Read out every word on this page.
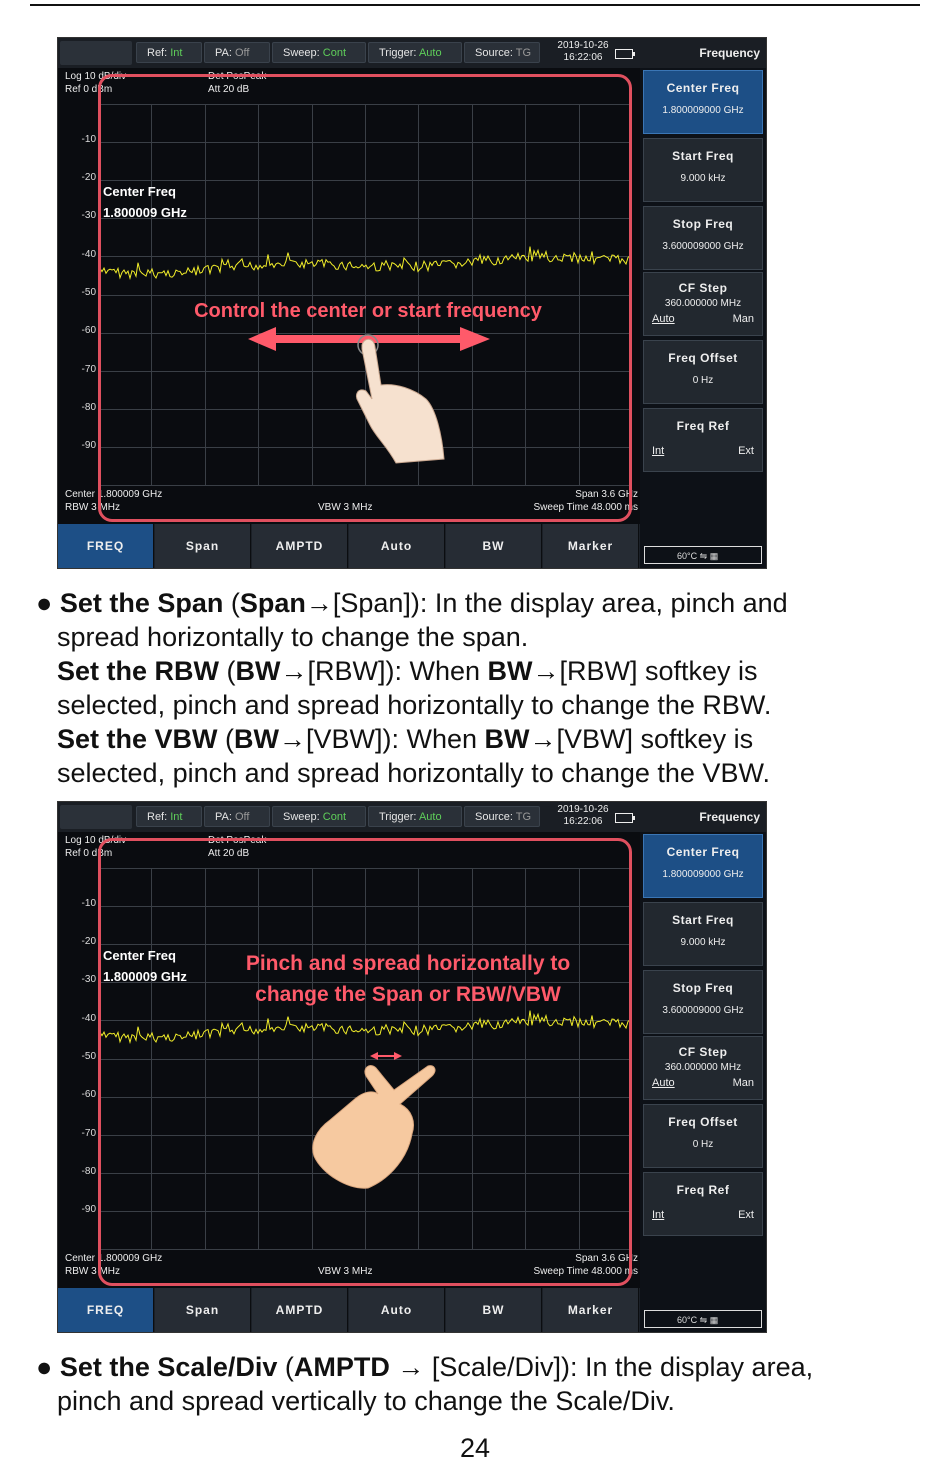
Ref: Int	PA: Off	Sweep: Cont	Trigger: Auto	Source: TG
2019-10-26
16:22:06
Log 10 dB/div
Ref 0 dBm
Det PosPeak
Att 20 dB
-10
-20
-30
-40
-50
-60
-70
-80
-90
Center 1.800009 GHz
RBW 3 MHz	VBW 3 MHz
Span 3.6 GHz
Sweep Time 48.000 ms
Frequency
Center Freq
1.800009000 GHz
Start Freq
9.000 kHz
Stop Freq
3.600009000 GHz
CF Step
360.000000 MHz
Auto	Man
Freq Offset
0 Hz
Freq Ref
Int	Ext
FREQ	Span	AMPTD	Auto	BW	Marker
60°C ⇋ ▦
Center Freq
1.800009 GHz
Control the center or start frequency
● Set the Span (Span→[Span]): In the display area, pinch and
spread horizontally to change the span.
Set the RBW (BW→[RBW]): When BW→[RBW] softkey is
selected, pinch and spread horizontally to change the RBW.
Set the VBW (BW→[VBW]): When BW→[VBW] softkey is
selected, pinch and spread horizontally to change the VBW.
Ref: Int	PA: Off	Sweep: Cont	Trigger: Auto	Source: TG
2019-10-26
16:22:06
Log 10 dB/div
Ref 0 dBm
Det PosPeak
Att 20 dB
-10
-20
-30
-40
-50
-60
-70
-80
-90
Center 1.800009 GHz
RBW 3 MHz	VBW 3 MHz
Span 3.6 GHz
Sweep Time 48.000 ms
Frequency
Center Freq
1.800009000 GHz
Start Freq
9.000 kHz
Stop Freq
3.600009000 GHz
CF Step
360.000000 MHz
Auto	Man
Freq Offset
0 Hz
Freq Ref
Int	Ext
FREQ	Span	AMPTD	Auto	BW	Marker
60°C ⇋ ▦
Center Freq
1.800009 GHz
Pinch and spread horizontally to
change the Span or RBW/VBW
● Set the Scale/Div (AMPTD → [Scale/Div]): In the display area,
pinch and spread vertically to change the Scale/Div.
24
